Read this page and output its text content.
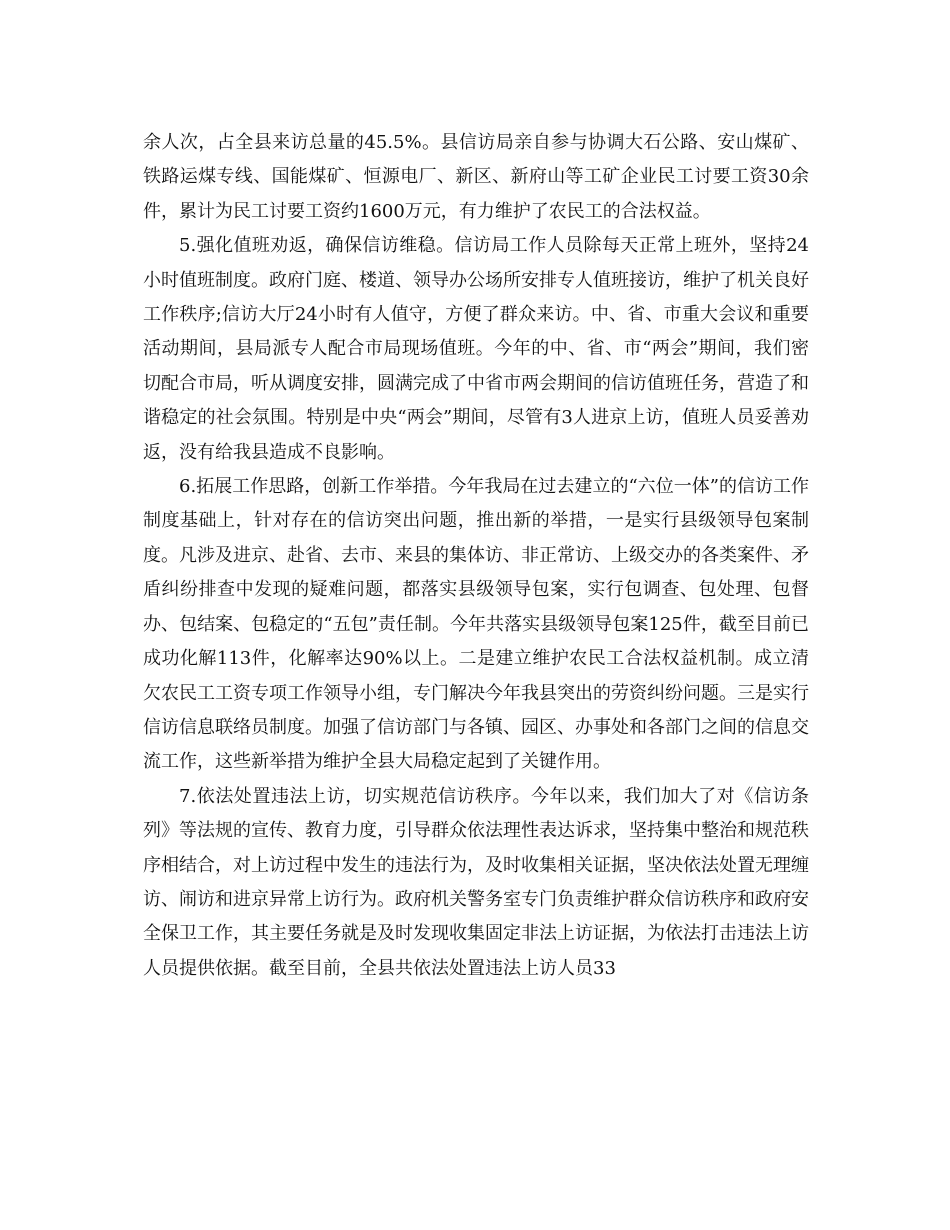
余人次，占全县来访总量的45.5%。县信访局亲自参与协调大石公路、安山煤矿、铁路运煤专线、国能煤矿、恒源电厂、新区、新府山等工矿企业民工讨要工资30余件，累计为民工讨要工资约1600万元，有力维护了农民工的合法权益。

5.强化值班劝返，确保信访维稳。信访局工作人员除每天正常上班外，坚持24小时值班制度。政府门庭、楼道、领导办公场所安排专人值班接访，维护了机关良好工作秩序;信访大厅24小时有人值守，方便了群众来访。中、省、市重大会议和重要活动期间，县局派专人配合市局现场值班。今年的中、省、市“两会”期间，我们密切配合市局，听从调度安排，圆满完成了中省市两会期间的信访值班任务，营造了和谐稳定的社会氛围。特别是中央“两会”期间，尽管有3人进京上访，值班人员妥善劝返，没有给我县造成不良影响。

6.拓展工作思路，创新工作举措。今年我局在过去建立的“六位一体”的信访工作制度基础上，针对存在的信访突出问题，推出新的举措，一是实行县级领导包案制度。凡涉及进京、赴省、去市、来县的集体访、非正常访、上级交办的各类案件、矛盾纠纷排查中发现的疑难问题，都落实县级领导包案，实行包调查、包处理、包督办、包结案、包稳定的“五包”责任制。今年共落实县级领导包案125件，截至目前已成功化解113件，化解率达90%以上。二是建立维护农民工合法权益机制。成立清欠农民工工资专项工作领导小组，专门解决今年我县突出的劳资纠纷问题。三是实行信访信息联络员制度。加强了信访部门与各镇、园区、办事处和各部门之间的信息交流工作，这些新举措为维护全县大局稳定起到了关键作用。

7.依法处置违法上访，切实规范信访秩序。今年以来，我们加大了对《信访条列》等法规的宣传、教育力度，引导群众依法理性表达诉求，坚持集中整治和规范秩序相结合，对上访过程中发生的违法行为，及时收集相关证据，坚决依法处置无理缠访、闹访和进京异常上访行为。政府机关警务室专门负责维护群众信访秩序和政府安全保卫工作，其主要任务就是及时发现收集固定非法上访证据，为依法打击违法上访人员提供依据。截至目前，全县共依法处置违法上访人员33
